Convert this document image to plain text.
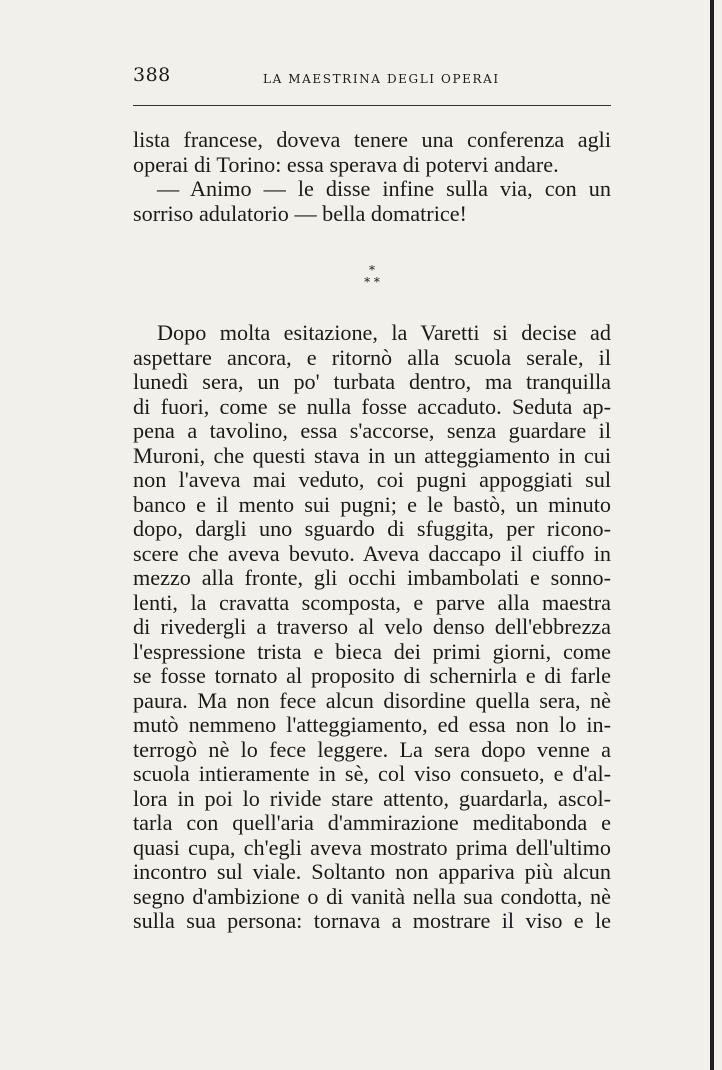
388	LA MAESTRINA DEGLI OPERAI
lista francese, doveva tenere una conferenza agli
operai di Torino: essa sperava di potervi andare.
— Animo — le disse infine sulla via, con un
sorriso adulatorio — bella domatrice!
*
* *
Dopo molta esitazione, la Varetti si decise ad
aspettare ancora, e ritornò alla scuola serale, il
lunedì sera, un po' turbata dentro, ma tranquilla
di fuori, come se nulla fosse accaduto. Seduta ap-
pena a tavolino, essa s'accorse, senza guardare il
Muroni, che questi stava in un atteggiamento in cui
non l'aveva mai veduto, coi pugni appoggiati sul
banco e il mento sui pugni; e le bastò, un minuto
dopo, dargli uno sguardo di sfuggita, per ricono-
scere che aveva bevuto. Aveva daccapo il ciuffo in
mezzo alla fronte, gli occhi imbambolati e sonno-
lenti, la cravatta scomposta, e parve alla maestra
di rivedergli a traverso al velo denso dell'ebbrezza
l'espressione trista e bieca dei primi giorni, come
se fosse tornato al proposito di schernirla e di farle
paura. Ma non fece alcun disordine quella sera, nè
mutò nemmeno l'atteggiamento, ed essa non lo in-
terrogò nè lo fece leggere. La sera dopo venne a
scuola intieramente in sè, col viso consueto, e d'al-
lora in poi lo rivide stare attento, guardarla, ascol-
tarla con quell'aria d'ammirazione meditabonda e
quasi cupa, ch'egli aveva mostrato prima dell'ultimo
incontro sul viale. Soltanto non appariva più alcun
segno d'ambizione o di vanità nella sua condotta, nè
sulla sua persona: tornava a mostrare il viso e le
